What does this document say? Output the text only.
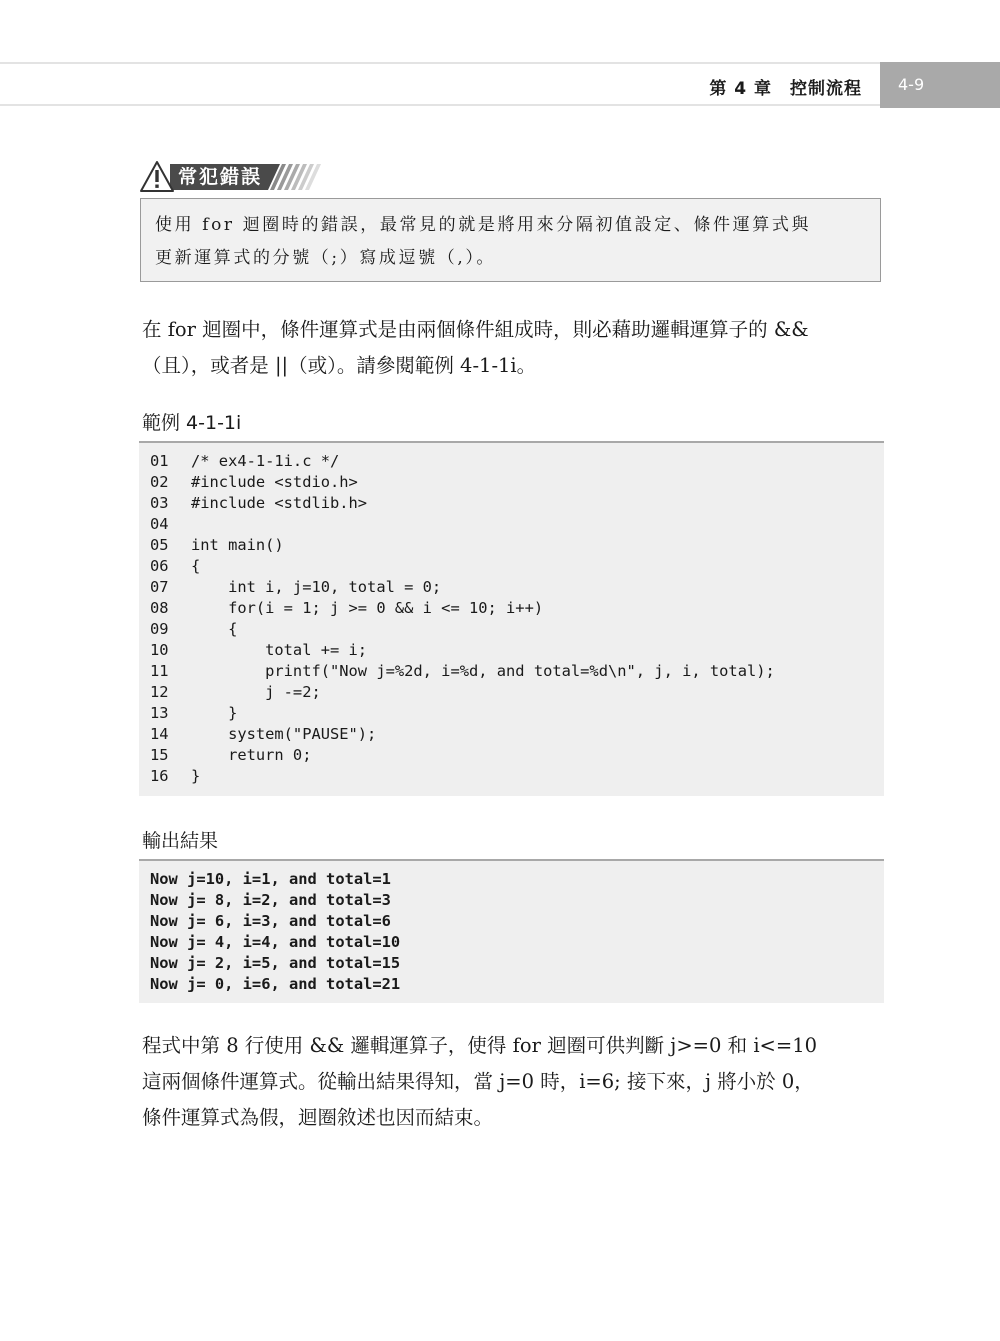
第 4 章　控制流程	4-9
常犯錯誤
使用 for 迴圈時的錯誤，最常見的就是將用來分隔初值設定、條件運算式與
更新運算式的分號（;）寫成逗號（,）。
在 for 迴圈中，條件運算式是由兩個條件組成時，則必藉助邏輯運算子的 &&
（且），或者是 ||（或）。請參閱範例 4-1-1i。
範例 4-1-1i
01 /* ex4-1-1i.c */
02 #include <stdio.h>
03 #include <stdlib.h>
04
05 int main()
06 {
07 int i, j=10, total = 0;
08 for(i = 1; j >= 0 && i <= 10; i++)
09 {
10 total += i;
11 printf("Now j=%2d, i=%d, and total=%d\n", j, i, total);
12 j -=2;
13 }
14 system("PAUSE");
15 return 0;
16 }
輸出結果
Now j=10, i=1, and total=1
Now j= 8, i=2, and total=3
Now j= 6, i=3, and total=6
Now j= 4, i=4, and total=10
Now j= 2, i=5, and total=15
Now j= 0, i=6, and total=21
程式中第 8 行使用 && 邏輯運算子，使得 for 迴圈可供判斷 j>=0 和 i<=10
這兩個條件運算式。從輸出結果得知，當 j=0 時，i=6; 接下來，j 將小於 0，
條件運算式為假，迴圈敘述也因而結束。
